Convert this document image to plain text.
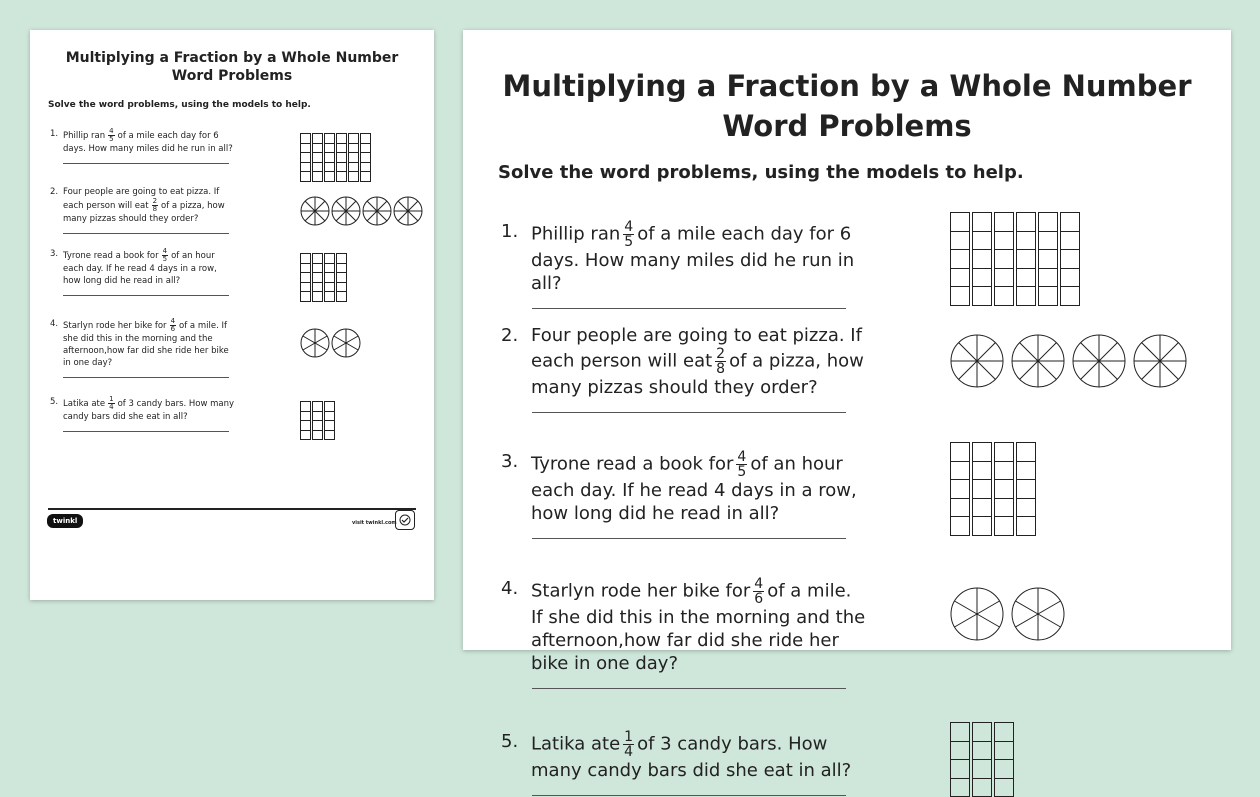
Multiplying a Fraction by a Whole Number
Word Problems
Solve the word problems, using the models to help.
1. Phillip ran $\frac{4}{5}$ of a mile each day for 6 days. How many miles did he run in all?
2. Four people are going to eat pizza. If each person will eat $\frac{2}{8}$ of a pizza, how many pizzas should they order?
3. Tyrone read a book for $\frac{4}{5}$ of an hour each day. If he read 4 days in a row, how long did he read in all?
4. Starlyn rode her bike for $\frac{4}{6}$ of a mile. If she did this in the morning and the afternoon,how far did she ride her bike in one day?
5. Latika ate $\frac{1}{4}$ of 3 candy bars. How many candy bars did she eat in all?
twinkl	visit twinkl.com
Multiplying a Fraction by a Whole Number
Word Problems
Solve the word problems, using the models to help.
1. Phillip ran $\frac{4}{5}$ of a mile each day for 6 days. How many miles did he run in all?
2. Four people are going to eat pizza. If each person will eat $\frac{2}{8}$ of a pizza, how many pizzas should they order?
3. Tyrone read a book for $\frac{4}{5}$ of an hour each day. If he read 4 days in a row, how long did he read in all?
4. Starlyn rode her bike for $\frac{4}{6}$ of a mile. If she did this in the morning and the afternoon,how far did she ride her bike in one day?
5. Latika ate $\frac{1}{4}$ of 3 candy bars. How many candy bars did she eat in all?
